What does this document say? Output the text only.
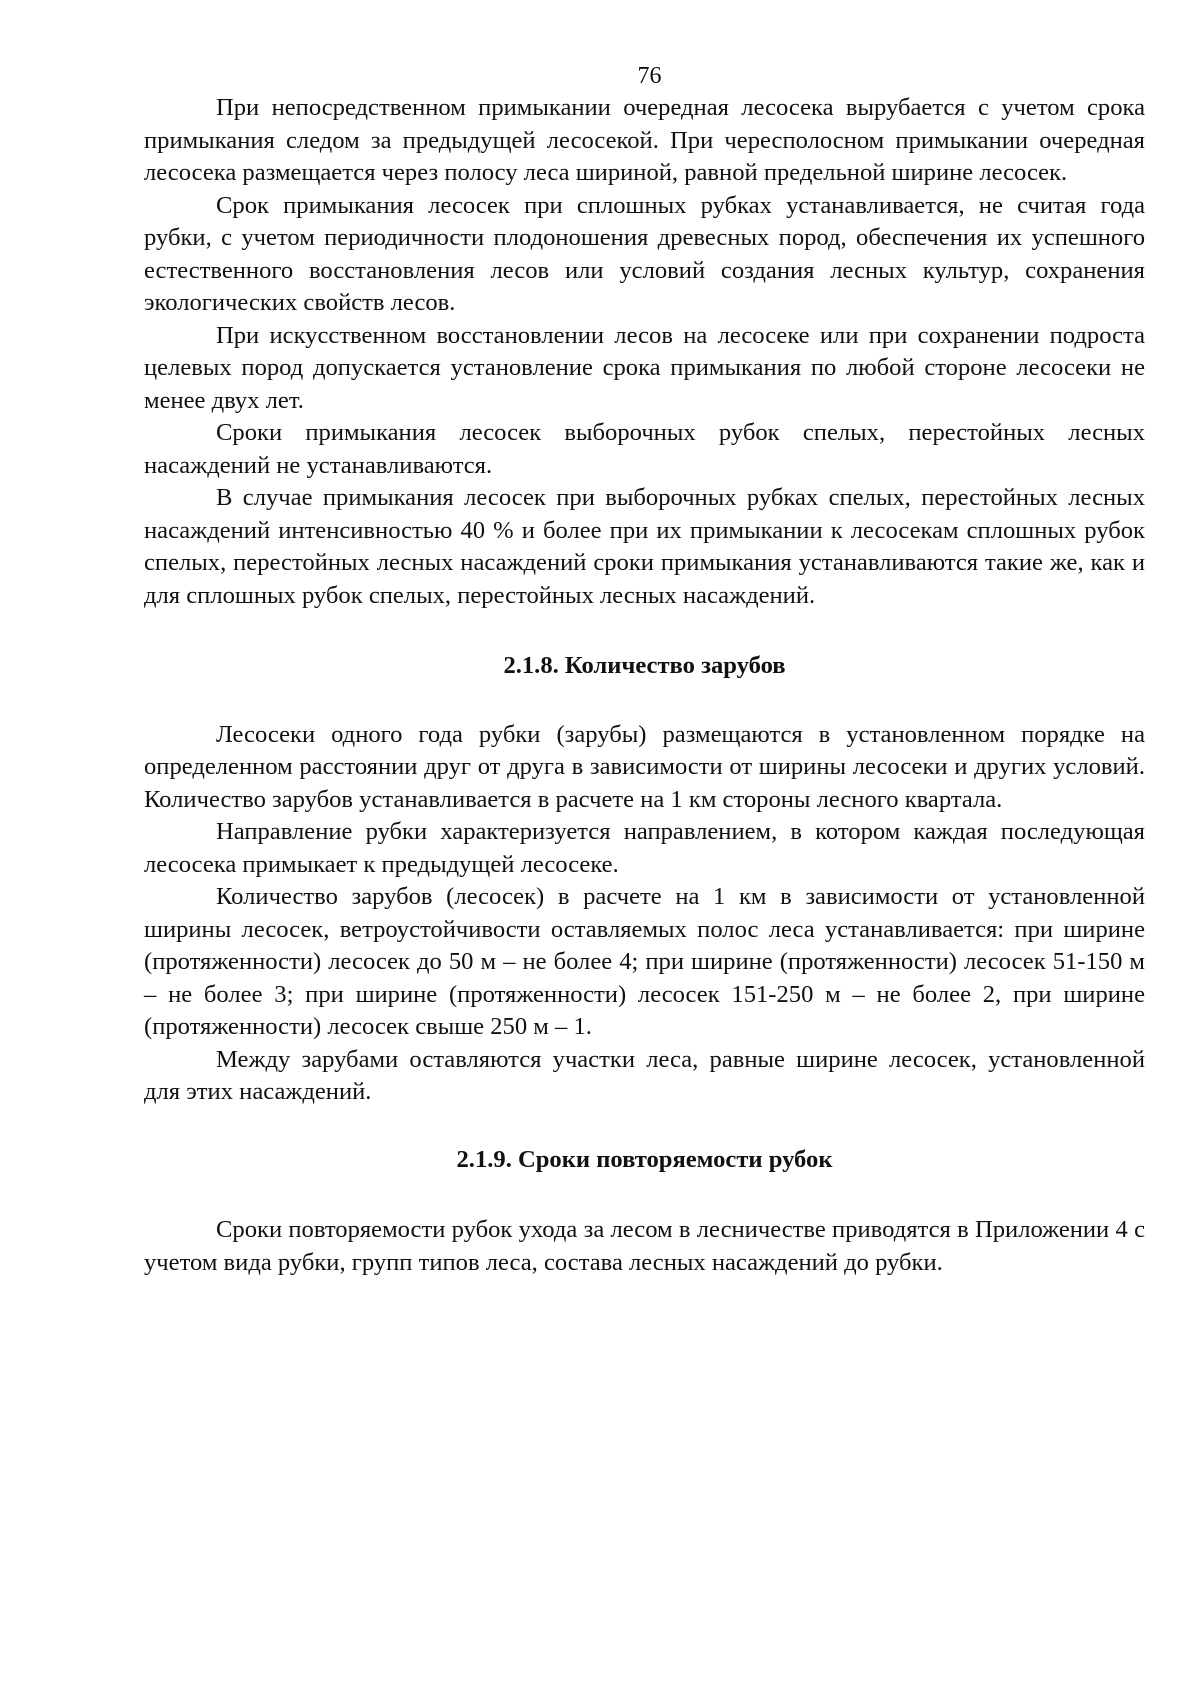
76

При непосредственном примыкании очередная лесосека вырубается с учетом срока примыкания следом за предыдущей лесосекой. При чересполосном примыкании очередная лесосека размещается через полосу леса шириной, равной предельной ширине лесосек.

Срок примыкания лесосек при сплошных рубках устанавливается, не считая года рубки, с учетом периодичности плодоношения древесных пород, обеспечения их успешного естественного восстановления лесов или условий создания лесных культур, сохранения экологических свойств лесов.

При искусственном восстановлении лесов на лесосеке или при сохранении подроста целевых пород допускается установление срока примыкания по любой стороне лесосеки не менее двух лет.

Сроки примыкания лесосек выборочных рубок спелых, перестойных лесных насаждений не устанавливаются.

В случае примыкания лесосек при выборочных рубках спелых, перестойных лесных насаждений интенсивностью 40 % и более при их примыкании к лесосекам сплошных рубок спелых, перестойных лесных насаждений сроки примыкания устанавливаются такие же, как и для сплошных рубок спелых, перестойных лесных насаждений.

2.1.8. Количество зарубов

Лесосеки одного года рубки (зарубы) размещаются в установленном порядке на определенном расстоянии друг от друга в зависимости от ширины лесосеки и других условий. Количество зарубов устанавливается в расчете на 1 км стороны лесного квартала.

Направление рубки характеризуется направлением, в котором каждая последующая лесосека примыкает к предыдущей лесосеке.

Количество зарубов (лесосек) в расчете на 1 км в зависимости от установленной ширины лесосек, ветроустойчивости оставляемых полос леса устанавливается: при ширине (протяженности) лесосек до 50 м – не более 4; при ширине (протяженности) лесосек 51-150 м – не более 3; при ширине (протяженности) лесосек 151-250 м – не более 2, при ширине (протяженности) лесосек свыше 250 м – 1.

Между зарубами оставляются участки леса, равные ширине лесосек, установленной для этих насаждений.

2.1.9. Сроки повторяемости рубок

Сроки повторяемости рубок ухода за лесом в лесничестве приводятся в Приложении 4 с учетом вида рубки, групп типов леса, состава лесных насаждений до рубки.
